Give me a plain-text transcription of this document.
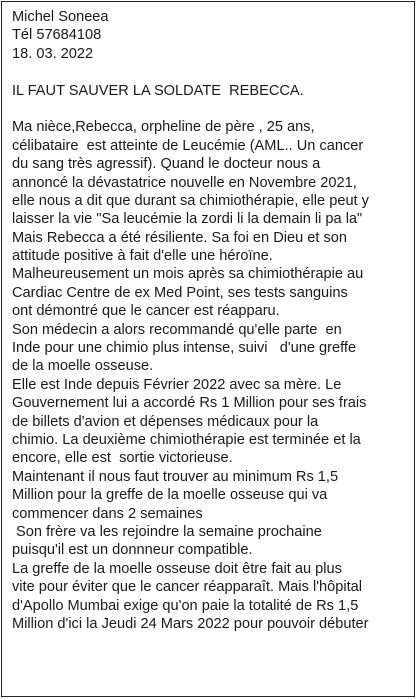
Michel Soneea
Tél 57684108
18. 03. 2022
IL FAUT SAUVER LA SOLDATE  REBECCA.
Ma nièce,Rebecca, orpheline de père , 25 ans,
célibataire  est atteinte de Leucémie (AML.. Un cancer
du sang très agressif). Quand le docteur nous a
annoncé la dévastatrice nouvelle en Novembre 2021,
elle nous a dit que durant sa chimiothérapie, elle peut y
laisser la vie "Sa leucémie la zordi li la demain li pa la"
Mais Rebecca a été résiliente. Sa foi en Dieu et son
attitude positive à fait d'elle une héroïne.
Malheureusement un mois après sa chimiothérapie au
Cardiac Centre de ex Med Point, ses tests sanguins
ont démontré que le cancer est réapparu.
Son médecin a alors recommandé qu'elle parte  en
Inde pour une chimio plus intense, suivi   d'une greffe
de la moelle osseuse.
Elle est Inde depuis Février 2022 avec sa mère. Le
Gouvernement lui a accordé Rs 1 Million pour ses frais
de billets d'avion et dépenses médicaux pour la
chimio. La deuxième chimiothérapie est terminée et la
encore, elle est  sortie victorieuse.
Maintenant il nous faut trouver au minimum Rs 1,5
Million pour la greffe de la moelle osseuse qui va
commencer dans 2 semaines
Son frère va les rejoindre la semaine prochaine
puisqu'il est un donnneur compatible.
La greffe de la moelle osseuse doit être fait au plus
vite pour éviter que le cancer réapparaît. Mais l'hôpital
d'Apollo Mumbai exige qu'on paie la totalité de Rs 1,5
Million d'ici la Jeudi 24 Mars 2022 pour pouvoir débuter
